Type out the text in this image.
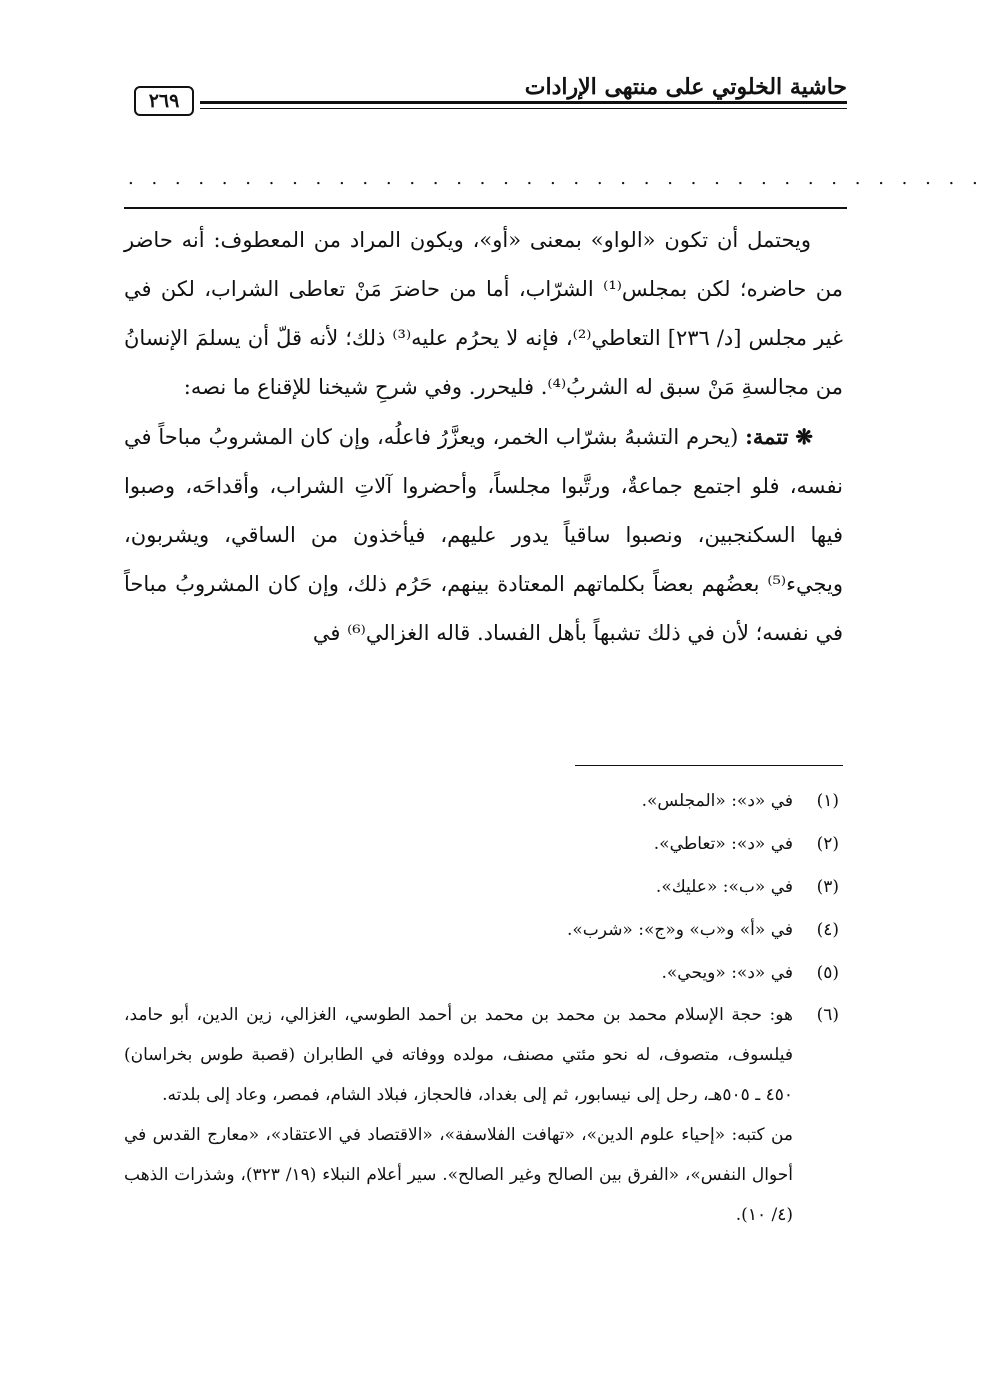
حاشية الخلوتي على منتهى الإرادات
٢٦٩
. . . . . . . . . . . . . . . . . . . . . . . . . . . . . . . . . . . . .

ويحتمل أن تكون «الواو» بمعنى «أو»، ويكون المراد من المعطوف: أنه حاضر من حاضره؛ لكن بمجلس⁽¹⁾ الشرّاب، أما من حاضرَ مَنْ تعاطى الشراب، لكن في غير مجلس [د/ ٢٣٦] التعاطي⁽²⁾، فإنه لا يحرُم عليه⁽³⁾ ذلك؛ لأنه قلّ أن يسلمَ الإنسانُ من مجالسةِ مَنْ سبق له الشربُ⁽⁴⁾. فليحرر. وفي شرحِ شيخنا للإقناع ما نصه:

❋ تتمة: (يحرم التشبهُ بشرّاب الخمر، ويعزَّرُ فاعلُه، وإن كان المشروبُ مباحاً في نفسه، فلو اجتمع جماعةٌ، ورتَّبوا مجلساً، وأحضروا آلاتِ الشراب، وأقداحَه، وصبوا فيها السكنجبين، ونصبوا ساقياً يدور عليهم، فيأخذون من الساقي، ويشربون، ويجيء⁽⁵⁾ بعضُهم بعضاً بكلماتهم المعتادة بينهم، حَرُم ذلك، وإن كان المشروبُ مباحاً في نفسه؛ لأن في ذلك تشبهاً بأهل الفساد. قاله الغزالي⁽⁶⁾ في

(١)
في «د»: «المجلس».
(٢)
في «د»: «تعاطي».
(٣)
في «ب»: «عليك».
(٤)
في «أ» و«ب» و«ج»: «شرب».
(٥)
في «د»: «ويحي».
(٦)
هو: حجة الإسلام محمد بن محمد بن محمد بن أحمد الطوسي، الغزالي، زين الدين، أبو حامد، فيلسوف، متصوف، له نحو مئتي مصنف، مولده ووفاته في الطابران (قصبة طوس بخراسان) ٤٥٠ ـ ٥٠٥هـ، رحل إلى نيسابور، ثم إلى بغداد، فالحجاز، فبلاد الشام، فمصر، وعاد إلى بلدته.
من كتبه: «إحياء علوم الدين»، «تهافت الفلاسفة»، «الاقتصاد في الاعتقاد»، «معارج القدس في أحوال النفس»، «الفرق بين الصالح وغير الصالح». سير أعلام النبلاء (١٩/ ٣٢٣)، وشذرات الذهب (٤/ ١٠).
